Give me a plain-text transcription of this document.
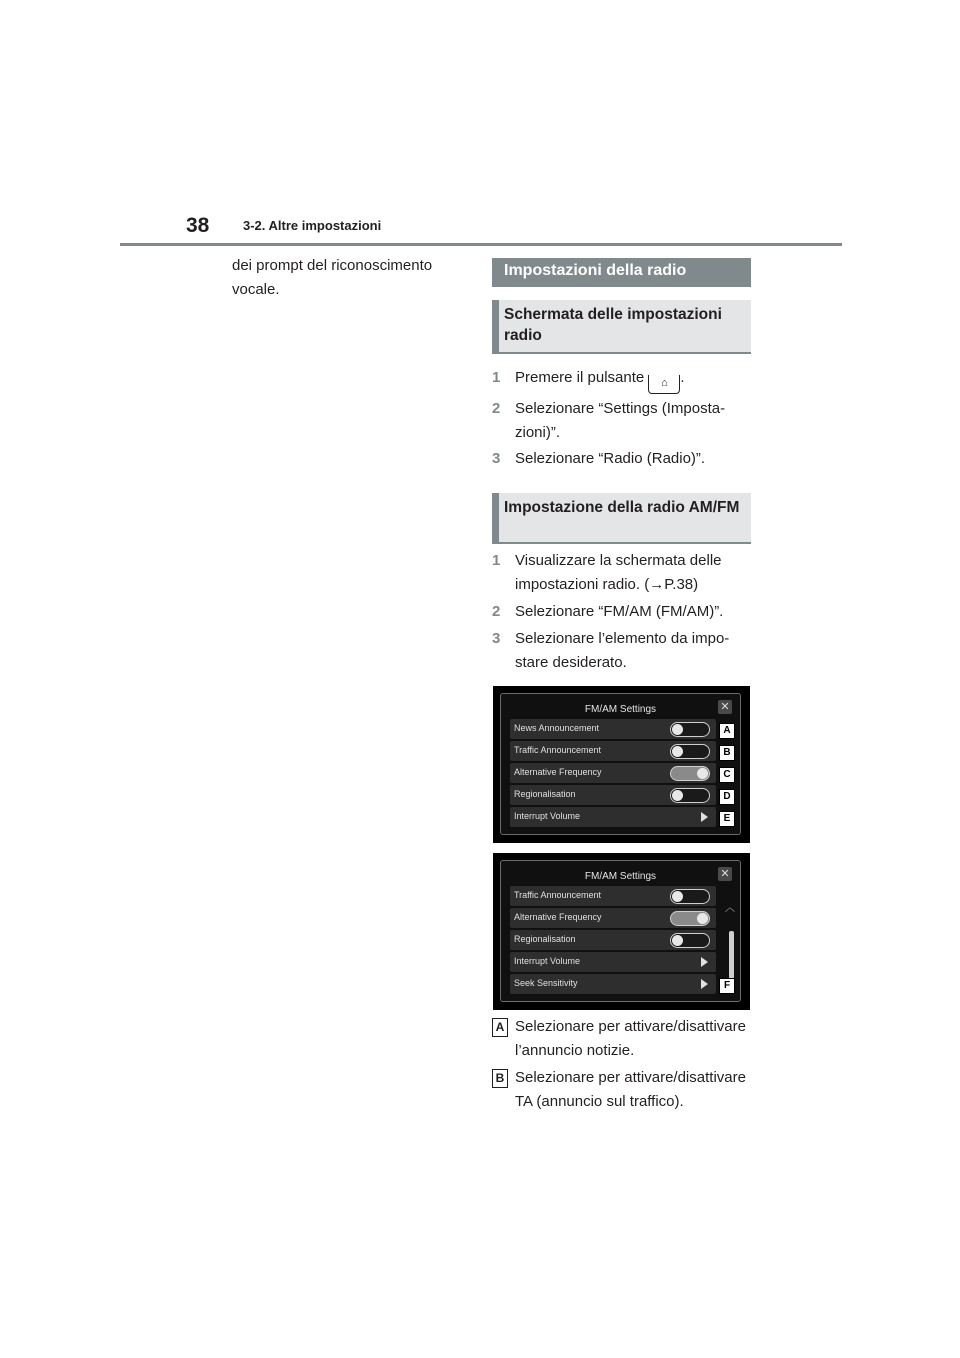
38	3-2. Altre impostazioni
dei prompt del riconoscimento vocale.
Impostazioni della radio
Schermata delle impostazioni radio
1 Premere il pulsante ⌂ .
2 Selezionare “Settings (Imposta-zioni)”.
3 Selezionare “Radio (Radio)”.
Impostazione della radio AM/FM
1 Visualizzare la schermata delle impostazioni radio. (→P.38)
2 Selezionare “FM/AM (FM/AM)”.
3 Selezionare l’elemento da impo-stare desiderato.
FM/AM Settings	✕
News Announcement
Traffic Announcement
Alternative Frequency
Regionalisation
Interrupt Volume
A
B
C
D
E
FM/AM Settings	✕
︿
Traffic Announcement
Alternative Frequency
Regionalisation
Interrupt Volume
Seek Sensitivity	F
A Selezionare per attivare/disattivare l’annuncio notizie.
B Selezionare per attivare/disattivare TA (annuncio sul traffico).
